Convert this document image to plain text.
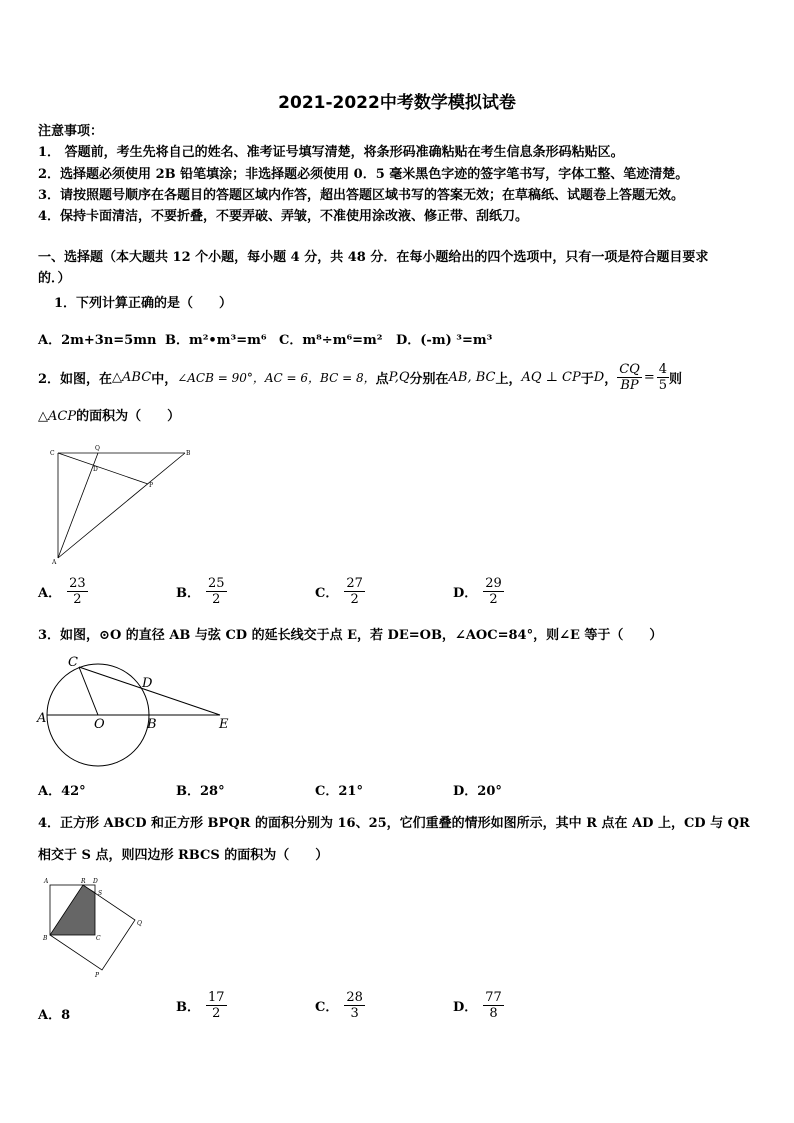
2021-2022中考数学模拟试卷
注意事项：
1． 答题前，考生先将自己的姓名、准考证号填写清楚，将条形码准确粘贴在考生信息条形码粘贴区。
2．选择题必须使用 2B 铅笔填涂；非选择题必须使用 0．5 毫米黑色字迹的签字笔书写，字体工整、笔迹清楚。
3．请按照题号顺序在各题目的答题区域内作答，超出答题区域书写的答案无效；在草稿纸、试题卷上答题无效。
4．保持卡面清洁，不要折叠，不要弄破、弄皱，不准使用涂改液、修正带、刮纸刀。
一、选择题（本大题共 12 个小题，每小题 4 分，共 48 分．在每小题给出的四个选项中，只有一项是符合题目要求
的．）
1．下列计算正确的是（　　）
A．2m+3n=5mn B．m²•m³=m⁶ C．m⁸÷m⁶=m² D．(-m) ³=m³
2．如图，在 △ABC 中， ∠ACB = 90°，AC = 6，BC = 8， 点 P,Q 分别在 AB, BC 上， AQ ⊥ CP 于 D ， $\frac{CQ}{BP} = \frac{4}{5}$ 则
△ACP的面积为（　　）
C
Q
B
D
P
A
A． $\frac{23}{2}$	B． $\frac{25}{2}$	C． $\frac{27}{2}$	D． $\frac{29}{2}$
3．如图，⊙O 的直径 AB 与弦 CD 的延长线交于点 E，若 DE=OB，∠AOC=84°，则∠E 等于（　　）
C
D
A	O	B	E
A．42°	B．28°	C．21°	D．20°
4．正方形 ABCD 和正方形 BPQR 的面积分别为 16、25，它们重叠的情形如图所示，其中 R 点在 AD 上，CD 与 QR
相交于 S 点，则四边形 RBCS 的面积为（　　）
A	R D
S
Q
B	C
P
A．8
B． $\frac{17}{2}$	C． $\frac{28}{3}$	D． $\frac{77}{8}$
